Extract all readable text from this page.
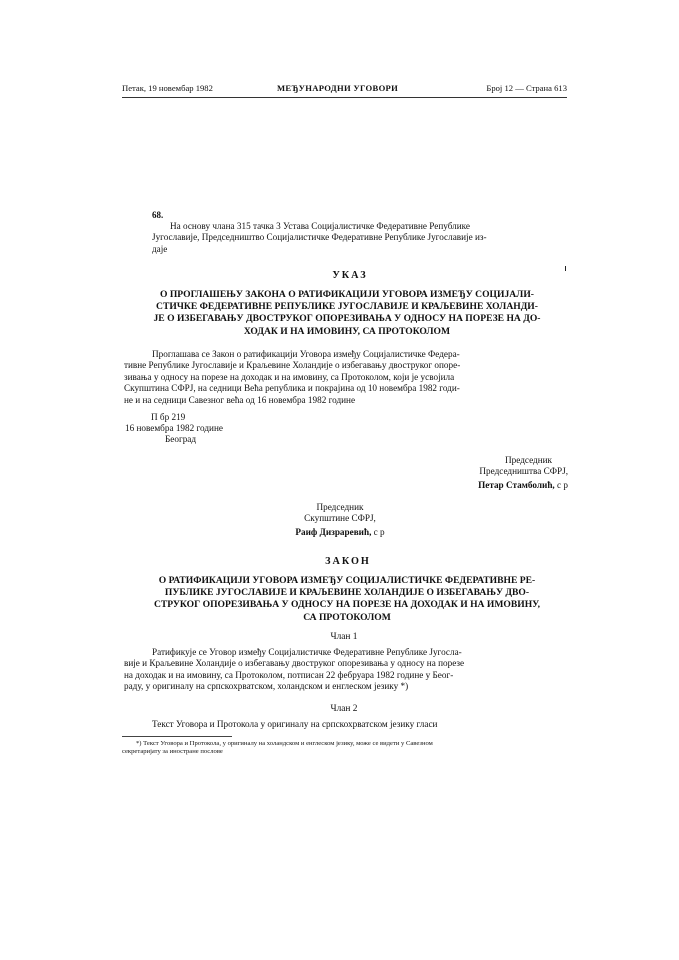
Петак, 19 новембар 1982	МЕЂУНАРОДНИ УГОВОРИ	Број 12 — Страна 613
68.
На основу члана 315 тачка 3 Устава Социјалистичке Федеративне Републике
Југославије, Председништво Социјалистичке Федеративне Републике Југославије из-
даје
УКАЗ
О ПРОГЛАШЕЊУ ЗАКОНА О РАТИФИКАЦИЈИ УГОВОРА ИЗМЕЂУ СОЦИЈАЛИ-
СТИЧКЕ ФЕДЕРАТИВНЕ РЕПУБЛИКЕ ЈУГОСЛАВИЈЕ И КРАЉЕВИНЕ ХОЛАНДИ-
ЈЕ О ИЗБЕГАВАЊУ ДВОСТРУКОГ ОПОРЕЗИВАЊА У ОДНОСУ НА ПОРЕЗЕ НА ДО-
ХОДАК И НА ИМОВИНУ, СА ПРОТОКОЛОМ
Проглашава се Закон о ратификацији Уговора између Социјалистичке Федера-
тивне Републике Југославије и Краљевине Холандије о избегавању двоструког опоре-
зивања у односу на порезе на доходак и на имовину, са Протоколом, који је усвојила
Скупштина СФРЈ, на седници Већа република и покрајина од 10 новембра 1982 годи-
не и на седници Савезног већа од 16 новембра 1982 године
П бр 219
16 новембра 1982 године
Београд
Председник
Председништва СФРЈ,
Петар Стамболић, с р
Председник
Скупштине СФРЈ,
Раиф Дизраревић, с р
ЗАКОН
О РАТИФИКАЦИЈИ УГОВОРА ИЗМЕЂУ СОЦИЈАЛИСТИЧКЕ ФЕДЕРАТИВНЕ РЕ-
ПУБЛИКЕ ЈУГОСЛАВИЈЕ И КРАЉЕВИНЕ ХОЛАНДИЈЕ О ИЗБЕГАВАЊУ ДВО-
СТРУКОГ ОПОРЕЗИВАЊА У ОДНОСУ НА ПОРЕЗЕ НА ДОХОДАК И НА ИМОВИНУ,
СА ПРОТОКОЛОМ
Члан 1
Ратификује се Уговор између Социјалистичке Федеративне Републике Југосла-
вије и Краљевине Холандије о избегавању двоструког опорезивања у односу на порезе
на доходак и на имовину, са Протоколом, потписан 22 фебруара 1982 године у Беог-
раду, у оригиналу на српскохрватском, холандском и енглеском језику *)
Члан 2
Текст Уговора и Протокола у оригиналу на српскохрватском језику гласи
*) Текст Уговора и Протокола, у оригиналу на холандском и енглеском језику, може се видети у Савезном
секретаријату за иностране послове
